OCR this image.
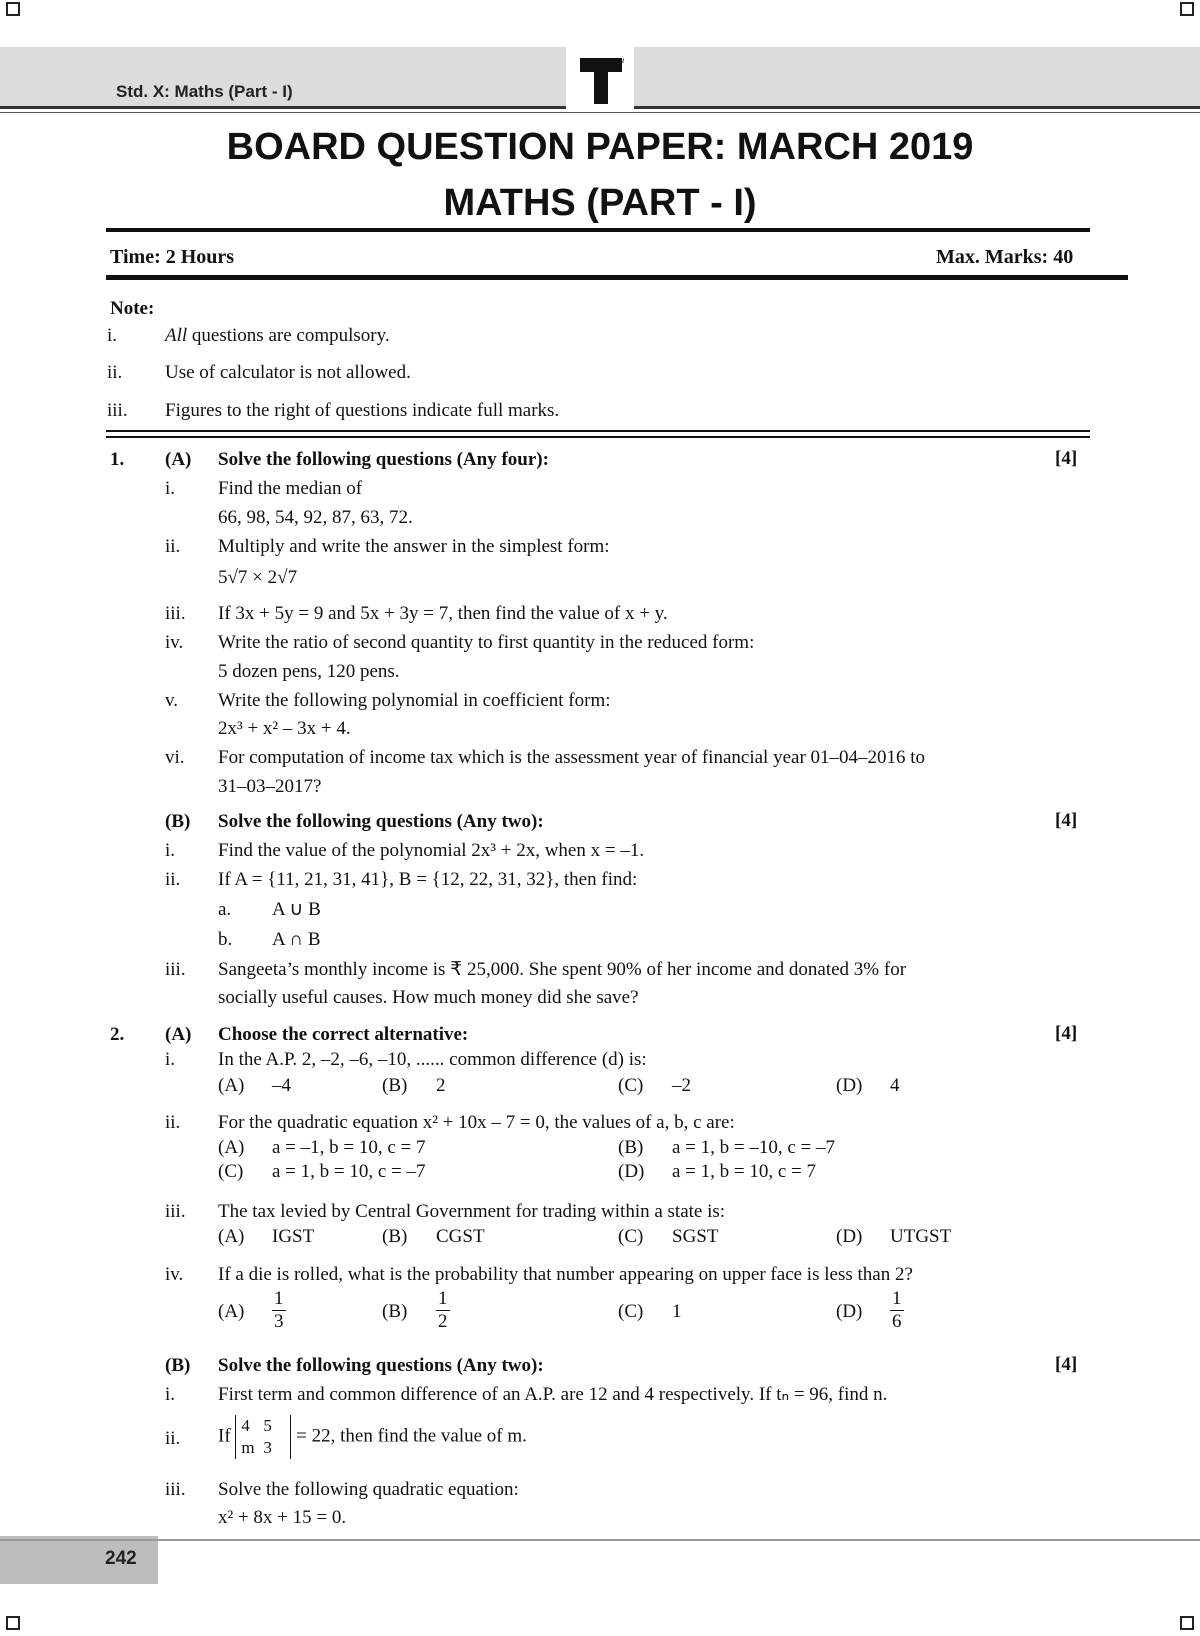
TM
Std. X: Maths (Part - I)
BOARD QUESTION PAPER: MARCH 2019
MATHS (PART - I)
Time: 2 Hours	Max. Marks: 40
Note:
i.	All questions are compulsory.
ii. Use of calculator is not allowed.
iii. Figures to the right of questions indicate full marks.
1. (A) Solve the following questions (Any four):	[4]
i. Find the median of
66, 98, 54, 92, 87, 63, 72.
ii. Multiply and write the answer in the simplest form:
5√7 × 2√7
iii. If 3x + 5y = 9 and 5x + 3y = 7, then find the value of x + y.
iv. Write the ratio of second quantity to first quantity in the reduced form:
5 dozen pens, 120 pens.
v. Write the following polynomial in coefficient form:
2x³ + x² – 3x + 4.
vi. For computation of income tax which is the assessment year of financial year 01–04–2016 to
31–03–2017?
(B) Solve the following questions (Any two):	[4]
i. Find the value of the polynomial 2x³ + 2x, when x = –1.
ii. If A = {11, 21, 31, 41}, B = {12, 22, 31, 32}, then find:
a. A ∪ B
b. A ∩ B
iii. Sangeeta’s monthly income is ₹ 25,000. She spent 90% of her income and donated 3% for
socially useful causes. How much money did she save?
2. (A) Choose the correct alternative:	[4]
i. In the A.P. 2, –2, –6, –10, ...... common difference (d) is:
(A) –4	(B) 2	(C) –2	(D) 4
ii. For the quadratic equation x² + 10x – 7 = 0, the values of a, b, c are:
(A) a = –1, b = 10, c = 7	(B) a = 1, b = –10, c = –7
(C) a = 1, b = 10, c = –7	(D) a = 1, b = 10, c = 7
iii. The tax levied by Central Government for trading within a state is:
(A) IGST	(B) CGST	(C) SGST	(D) UTGST
iv. If a die is rolled, what is the probability that number appearing on upper face is less than 2?
$(A) \frac{1}{3}$	$(B) \frac{1}{2}$	(C) 1	$(D) \frac{1}{6}$
(B) Solve the following questions (Any two):	[4]
i. First term and common difference of an A.P. are 12 and 4 respectively. If tₙ = 96, find n.
ii. If 4 5
m 3 = 22, then find the value of m.
iii. Solve the following quadratic equation:
x² + 8x + 15 = 0.
242
